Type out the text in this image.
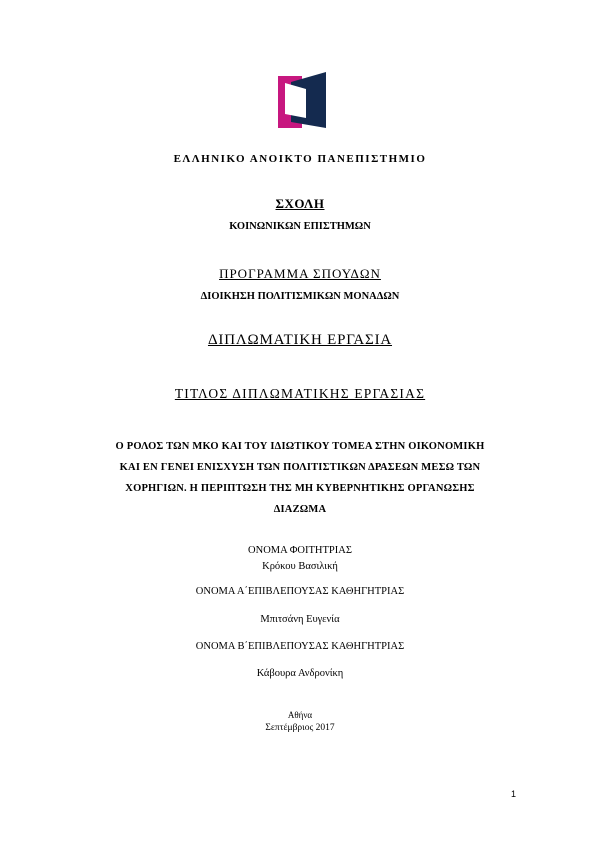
ΕΛΛΗΝΙΚΟ ΑΝΟΙΚΤΟ ΠΑΝΕΠΙΣΤΗΜΙΟ
ΣΧΟΛΗ
ΚΟΙΝΩΝΙΚΩΝ ΕΠΙΣΤΗΜΩΝ
ΠΡΟΓΡΑΜΜΑ ΣΠΟΥΔΩΝ
ΔΙΟΙΚΗΣΗ ΠΟΛΙΤΙΣΜΙΚΩΝ ΜΟΝΑΔΩΝ
ΔΙΠΛΩΜΑΤΙΚΗ ΕΡΓΑΣΙΑ
ΤΙΤΛΟΣ ΔΙΠΛΩΜΑΤΙΚΗΣ ΕΡΓΑΣΙΑΣ
Ο ΡΟΛΟΣ ΤΩΝ ΜΚΟ ΚΑΙ ΤΟΥ ΙΔΙΩΤΙΚΟΥ ΤΟΜΕΑ ΣΤΗΝ ΟΙΚΟΝΟΜΙΚΗ
ΚΑΙ ΕΝ ΓΕΝΕΙ ΕΝΙΣΧΥΣΗ ΤΩΝ ΠΟΛΙΤΙΣΤΙΚΩΝ ΔΡΑΣΕΩΝ ΜΕΣΩ ΤΩΝ
ΧΟΡΗΓΙΩΝ. Η ΠΕΡΙΠΤΩΣΗ ΤΗΣ ΜΗ ΚΥΒΕΡΝΗΤΙΚΗΣ ΟΡΓΑΝΩΣΗΣ
ΔΙΑΖΩΜΑ
ΟΝΟΜΑ ΦΟΙΤΗΤΡΙΑΣ
Κρόκου Βασιλική
ΟΝΟΜΑ Α΄ΕΠΙΒΛΕΠΟΥΣΑΣ ΚΑΘΗΓΗΤΡΙΑΣ
Μπιτσάνη Ευγενία
ΟΝΟΜΑ Β΄ΕΠΙΒΛΕΠΟΥΣΑΣ ΚΑΘΗΓΗΤΡΙΑΣ
Κάβουρα Ανδρονίκη
Αθήνα
Σεπτέμβριος 2017
1
